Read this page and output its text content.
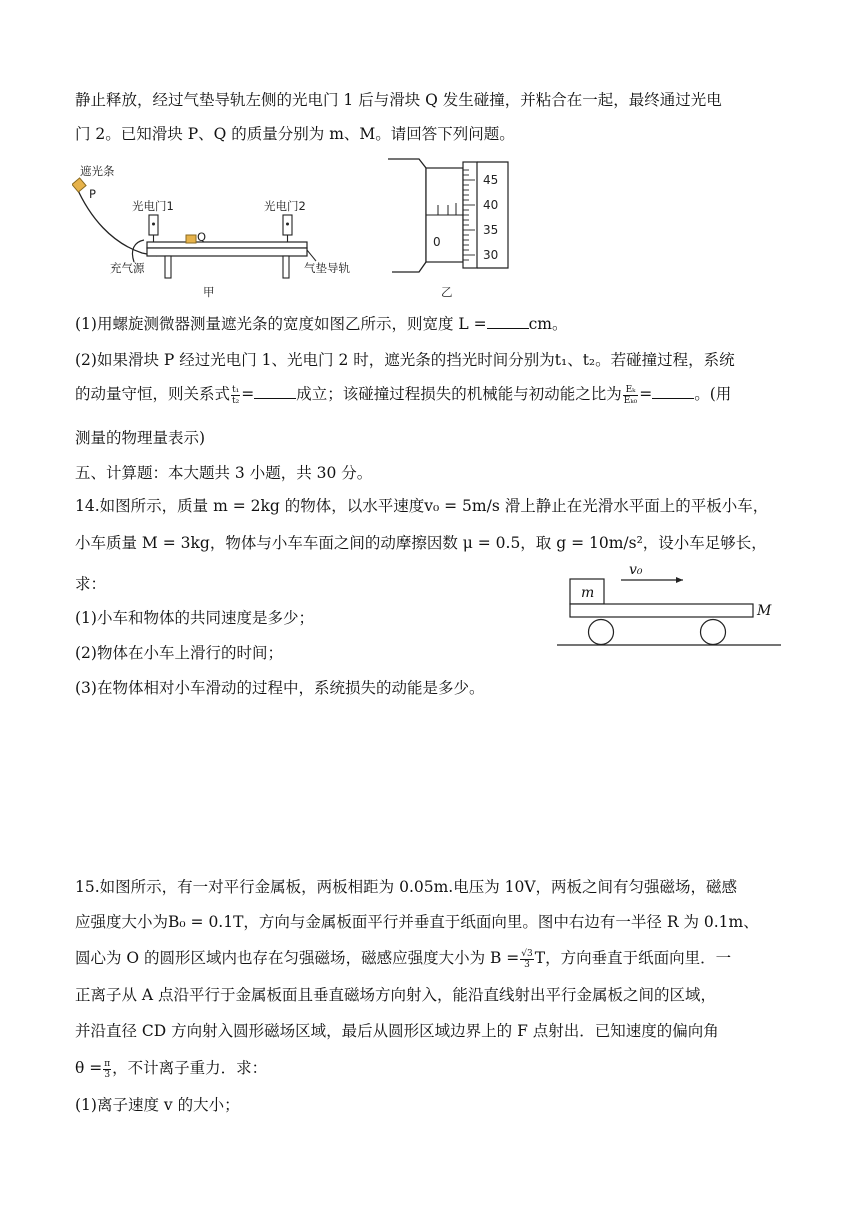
静止释放，经过气垫导轨左侧的光电门 1 后与滑块 Q 发生碰撞，并粘合在一起，最终通过光电
门 2。已知滑块 P、Q 的质量分别为 m、M。请回答下列问题。
遮光条
P
光电门1
Q
光电门2
充气源	气垫导轨
甲
0
45
40
35
30
乙
(1)用螺旋测微器测量遮光条的宽度如图乙所示，则宽度 L =	cm。
(2)如果滑块 P 经过光电门 1、光电门 2 时，遮光条的挡光时间分别为t₁、t₂。若碰撞过程，系统
的动量守恒，则关系式 $\frac{\text{t₁}}{\text{t₂}}$ =	成立；该碰撞过程损失的机械能与初动能之比为 $\frac{\text{Eₖ}}{\text{Eₖ₀}}$ =	。(用
测量的物理量表示)
五、计算题：本大题共 3 小题，共 30 分。
14.如图所示，质量 m = 2kg 的物体，以水平速度v₀ = 5m/s 滑上静止在光滑水平面上的平板小车，
小车质量 M = 3kg，物体与小车车面之间的动摩擦因数 μ = 0.5，取 g = 10m/s²，设小车足够长，
求：
(1)小车和物体的共同速度是多少；
(2)物体在小车上滑行的时间；
(3)在物体相对小车滑动的过程中，系统损失的动能是多少。
m
v₀
M
15.如图所示，有一对平行金属板，两板相距为 0.05m.电压为 10V，两板之间有匀强磁场，磁感
应强度大小为B₀ = 0.1T，方向与金属板面平行并垂直于纸面向里。图中右边有一半径 R 为 0.1m、
圆心为 O 的圆形区域内也存在匀强磁场，磁感应强度大小为 $B = \frac{√3}{3}$ T，方向垂直于纸面向里．一
正离子从 A 点沿平行于金属板面且垂直磁场方向射入，能沿直线射出平行金属板之间的区域，
并沿直径 CD 方向射入圆形磁场区域，最后从圆形区域边界上的 F 点射出．已知速度的偏向角
$\theta = \frac{\pi}{3}$ ，不计离子重力．求：
(1)离子速度 v 的大小；
